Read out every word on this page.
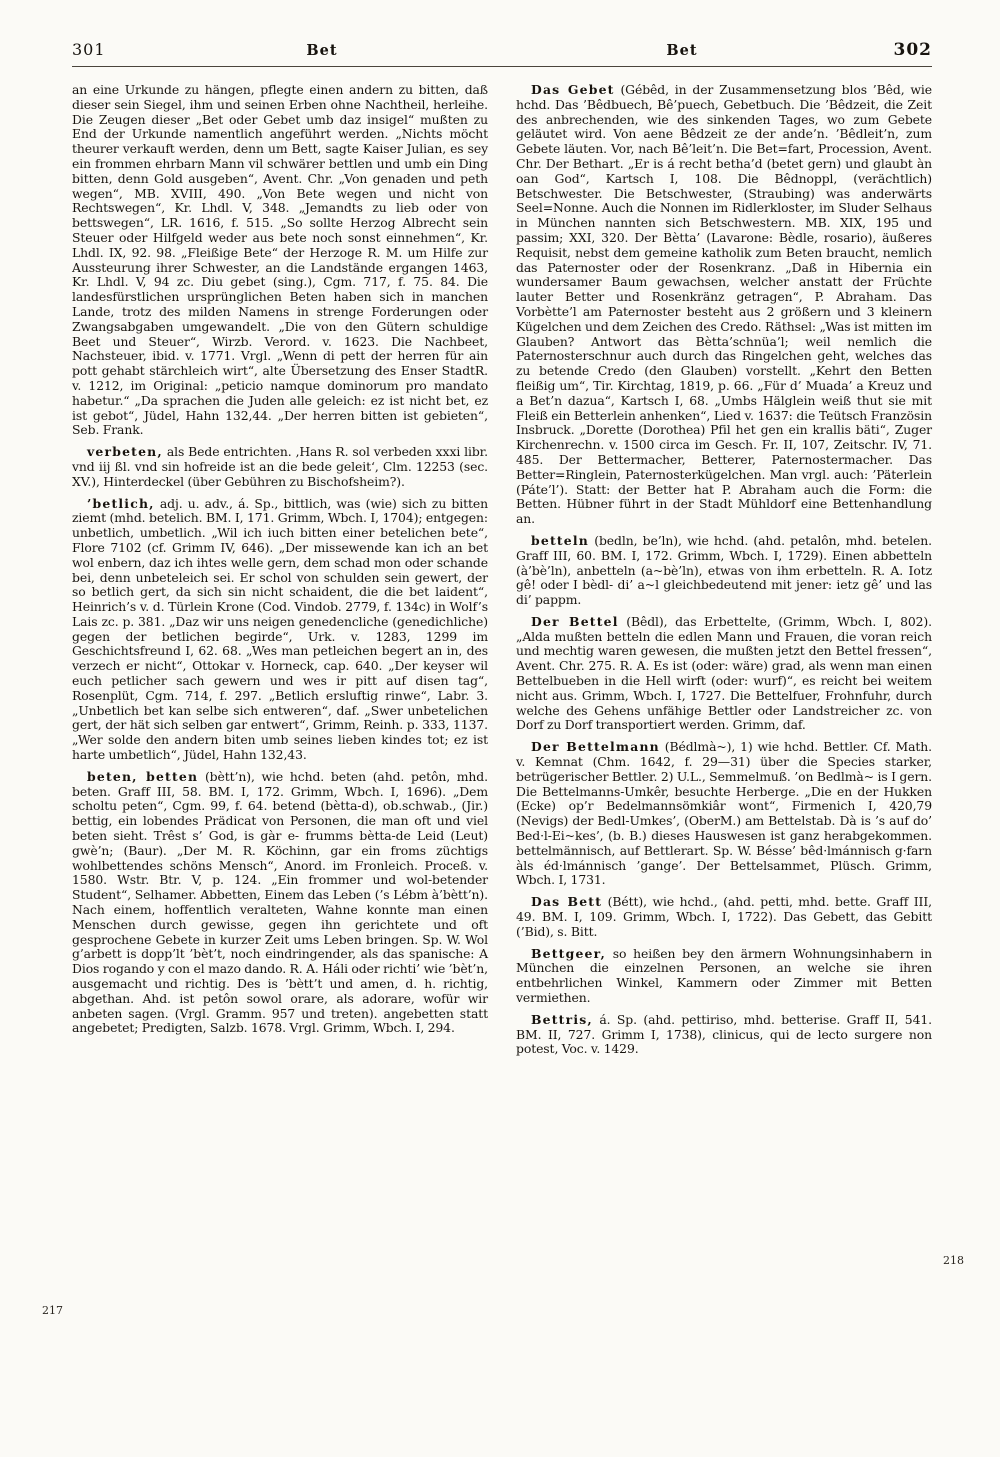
301	Bet	Bet	302

an eine Urkunde zu hängen, pflegte einen andern zu bitten, daß dieser sein Siegel, ihm und seinen Erben ohne Nachtheil, herleihe. Die Zeugen dieser „Bet oder Gebet umb daz insigel“ mußten zu End der Urkunde namentlich angeführt werden. „Nichts möcht theurer verkauft werden, denn um Bett, sagte Kaiser Julian, es sey ein frommen ehrbarn Mann vil schwärer bettlen und umb ein Ding bitten, denn Gold ausgeben“, Avent. Chr. „Von genaden und peth wegen“, MB. XVIII, 490. „Von Bete wegen und nicht von Rechtswegen“, Kr. Lhdl. V, 348. „Jemandts zu lieb oder von bettswegen“, LR. 1616, f. 515. „So sollte Herzog Albrecht sein Steuer oder Hilfgeld weder aus bete noch sonst einnehmen“, Kr. Lhdl. IX, 92. 98. „Fleißige Bete“ der Herzoge R. M. um Hilfe zur Aussteurung ihrer Schwester, an die Landstände ergangen 1463, Kr. Lhdl. V, 94 zc. Diu gebet (sing.), Cgm. 717, f. 75. 84. Die landesfürstlichen ursprünglichen Beten haben sich in manchen Lande, trotz des milden Namens in strenge Forderungen oder Zwangsabgaben umgewandelt. „Die von den Gütern schuldige Beet und Steuer“, Wirzb. Verord. v. 1623. Die Nachbeet, Nachsteuer, ibid. v. 1771. Vrgl. „Wenn di pett der herren für ain pott gehabt stärchleich wirt“, alte Übersetzung des Enser StadtR. v. 1212, im Original: „peticio namque dominorum pro mandato habetur.“ „Da sprachen die Juden alle geleich: ez ist nicht bet, ez ist gebot“, Jüdel, Hahn 132,44. „Der herren bitten ist gebieten“, Seb. Frank.

verbeten, als Bede entrichten. ‚Hans R. sol verbeden xxxi libr. vnd iij ßl. vnd sin hofreide ist an die bede geleit‘, Clm. 12253 (sec. XV.), Hinterdeckel (über Gebühren zu Bischofsheim?).

’betlich, adj. u. adv., á. Sp., bittlich, was (wie) sich zu bitten ziemt (mhd. betelich. BM. I, 171. Grimm, Wbch. I, 1704); entgegen: unbetlich, umbetlich. „Wil ich iuch bitten einer betelichen bete“, Flore 7102 (cf. Grimm IV, 646). „Der missewende kan ich an bet wol enbern, daz ich ihtes welle gern, dem schad mon oder schande bei, denn unbeteleich sei. Er schol von schulden sein gewert, der so betlich gert, da sich sin nicht schaident, die die bet laident“, Heinrich’s v. d. Türlein Krone (Cod. Vindob. 2779, f. 134c) in Wolf’s Lais zc. p. 381. „Daz wir uns neigen genedencliche (genedichliche) gegen der betlichen begirde“, Urk. v. 1283, 1299 im Geschichtsfreund I, 62. 68. „Wes man petleichen begert an in, des verzech er nicht“, Ottokar v. Horneck, cap. 640. „Der keyser wil euch petlicher sach gewern und wes ir pitt auf disen tag“, Rosenplüt, Cgm. 714, f. 297. „Betlich ersluftig rinwe“, Labr. 3. „Unbetlich bet kan selbe sich entweren“, daf. „Swer unbetelichen gert, der hät sich selben gar entwert“, Grimm, Reinh. p. 333, 1137. „Wer solde den andern biten umb seines lieben kindes tot; ez ist harte umbetlich“, Jüdel, Hahn 132,43.

beten, betten (bètt’n), wie hchd. beten (ahd. petôn, mhd. beten. Graff III, 58. BM. I, 172. Grimm, Wbch. I, 1696). „Dem scholtu peten“, Cgm. 99, f. 64. betend (bètta-d), ob.schwab., (Jir.) bettig, ein lobendes Prädicat von Personen, die man oft und viel beten sieht. Trêst s’ God, is gàr e- frumms bètta-de Leid (Leut) gwè’n; (Baur). „Der M. R. Köchinn, gar ein froms züchtigs wohlbettendes schöns Mensch“, Anord. im Fronleich. Proceß. v. 1580. Wstr. Btr. V, p. 124. „Ein frommer und wol-betender Student“, Selhamer. Abbetten, Einem das Leben (’s Lébm à’bètt’n). Nach einem, hoffentlich veralteten, Wahne konnte man einen Menschen durch gewisse, gegen ihn gerichtete und oft gesprochene Gebete in kurzer Zeit ums Leben bringen. Sp. W. Wol g’arbett is dopp’lt ’bèt’t, noch eindringender, als das spanische: A Dios rogando y con el mazo dando. R. A. Háli oder richti’ wie ’bèt’n, ausgemacht und richtig. Des is ’bètt’t und amen, d. h. richtig, abgethan. Ahd. ist petôn sowol orare, als adorare, wofür wir anbeten sagen. (Vrgl. Gramm. 957 und treten). angebetten statt angebetet; Predigten, Salzb. 1678. Vrgl. Grimm, Wbch. I, 294.

Das Gebet (Gébêd, in der Zusammensetzung blos ’Bêd, wie hchd. Das ’Bêdbuech, Bê’puech, Gebetbuch. Die ’Bêdzeit, die Zeit des anbrechenden, wie des sinkenden Tages, wo zum Gebete geläutet wird. Von aene Bêdzeit ze der ande’n. ’Bêdleit’n, zum Gebete läuten. Vor, nach Bê’leit’n. Die Bet=fart, Procession, Avent. Chr. Der Bethart. „Er is á recht betha’d (betet gern) und glaubt àn oan God“, Kartsch I, 108. Die Bêdnoppl, (verächtlich) Betschwester. Die Betschwester, (Straubing) was anderwärts Seel=Nonne. Auch die Nonnen im Ridlerkloster, im Sluder Selhaus in München nannten sich Betschwestern. MB. XIX, 195 und passim; XXI, 320. Der Bètta’ (Lavarone: Bèdle, rosario), äußeres Requisit, nebst dem gemeine katholik zum Beten braucht, nemlich das Paternoster oder der Rosenkranz. „Daß in Hibernia ein wundersamer Baum gewachsen, welcher anstatt der Früchte lauter Better und Rosenkränz getragen“, P. Abraham. Das Vorbètte’l am Paternoster besteht aus 2 größern und 3 kleinern Kügelchen und dem Zeichen des Credo. Räthsel: „Was ist mitten im Glauben? Antwort das Bètta’schnüa’l; weil nemlich die Paternosterschnur auch durch das Ringelchen geht, welches das zu betende Credo (den Glauben) vorstellt. „Kehrt den Betten fleißig um“, Tir. Kirchtag, 1819, p. 66. „Für d’ Muada’ a Kreuz und a Bet’n dazua“, Kartsch I, 68. „Umbs Hälglein weiß thut sie mit Fleiß ein Betterlein anhenken“, Lied v. 1637: die Teütsch Französin Insbruck. „Dorette (Dorothea) Pfil het gen ein krallis bäti“, Zuger Kirchenrechn. v. 1500 circa im Gesch. Fr. II, 107, Zeitschr. IV, 71. 485. Der Bettermacher, Betterer, Paternostermacher. Das Better=Ringlein, Paternosterkügelchen. Man vrgl. auch: ’Päterlein (Páte’l’). Statt: der Better hat P. Abraham auch die Form: die Betten. Hübner führt in der Stadt Mühldorf eine Bettenhandlung an.

betteln (bedln, be’ln), wie hchd. (ahd. petalôn, mhd. betelen. Graff III, 60. BM. I, 172. Grimm, Wbch. I, 1729). Einen abbetteln (à’bè’ln), anbetteln (a~bè’ln), etwas von ihm erbetteln. R. A. Iotz gê! oder I bèdl- di’ a~l gleichbedeutend mit jener: ietz gê’ und las di’ pappm.

Der Bettel (Bêdl), das Erbettelte, (Grimm, Wbch. I, 802). „Alda mußten betteln die edlen Mann und Frauen, die voran reich und mechtig waren gewesen, die mußten jetzt den Bettel fressen“, Avent. Chr. 275. R. A. Es ist (oder: wäre) grad, als wenn man einen Bettelbueben in die Hell wirft (oder: wurf)“, es reicht bei weitem nicht aus. Grimm, Wbch. I, 1727. Die Bettelfuer, Frohnfuhr, durch welche des Gehens unfähige Bettler oder Landstreicher zc. von Dorf zu Dorf transportiert werden. Grimm, daf.

Der Bettelmann (Bédlmà~), 1) wie hchd. Bettler. Cf. Math. v. Kemnat (Chm. 1642, f. 29—31) über die Species starker, betrügerischer Bettler. 2) U.L., Semmelmuß. ’on Bedlmà~ is I gern. Die Bettelmanns-Umkêr, besuchte Herberge. „Die en der Hukken (Ecke) op’r Bedelmannsömkiâr wont“, Firmenich I, 420,79 (Nevigs) der Bedl-Umkes’, (OberM.) am Bettelstab. Dà is ’s auf do’ Bed·l-Ei~kes’, (b. B.) dieses Hauswesen ist ganz herabgekommen. bettelmännisch, auf Bettlerart. Sp. W. Bésse’ bêd·lmánnisch g·farn àls éd·lmánnisch ’gange’. Der Bettelsammet, Plüsch. Grimm, Wbch. I, 1731.

Das Bett (Bétt), wie hchd., (ahd. petti, mhd. bette. Graff III, 49. BM. I, 109. Grimm, Wbch. I, 1722). Das Gebett, das Gebitt (’Bid), s. Bitt.

Bettgeer, so heißen bey den ärmern Wohnungsinhabern in München die einzelnen Personen, an welche sie ihren entbehrlichen Winkel, Kammern oder Zimmer mit Betten vermiethen.

Bettris, á. Sp. (ahd. pettirisо, mhd. betterise. Graff II, 541. BM. II, 727. Grimm I, 1738), clinicus, qui de lecto surgere non potest, Voc. v. 1429.

217
218
